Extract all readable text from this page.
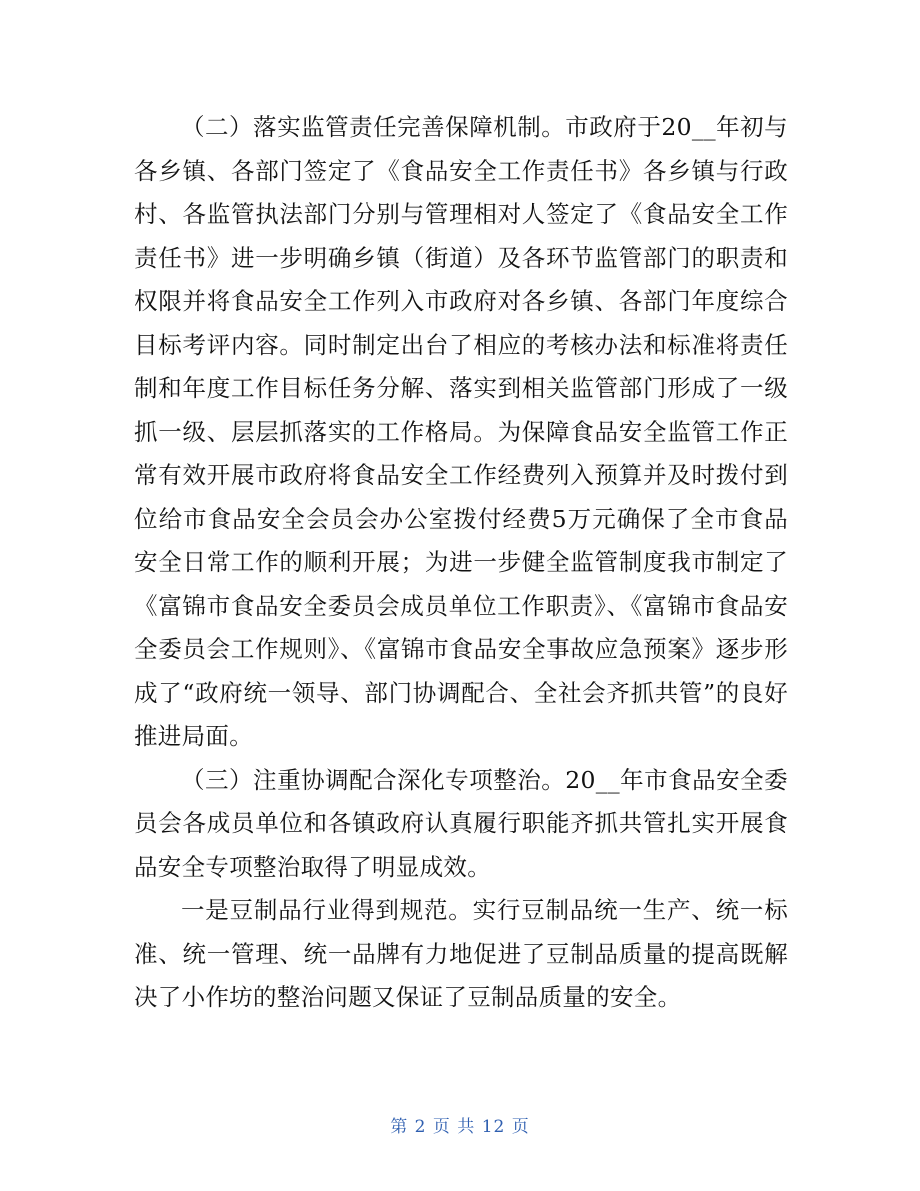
（二）落实监管责任完善保障机制。市政府于20__年初与各乡镇、各部门签定了《食品安全工作责任书》各乡镇与行政村、各监管执法部门分别与管理相对人签定了《食品安全工作责任书》进一步明确乡镇（街道）及各环节监管部门的职责和权限并将食品安全工作列入市政府对各乡镇、各部门年度综合目标考评内容。同时制定出台了相应的考核办法和标准将责任制和年度工作目标任务分解、落实到相关监管部门形成了一级抓一级、层层抓落实的工作格局。为保障食品安全监管工作正常有效开展市政府将食品安全工作经费列入预算并及时拨付到位给市食品安全会员会办公室拨付经费5万元确保了全市食品安全日常工作的顺利开展；为进一步健全监管制度我市制定了《富锦市食品安全委员会成员单位工作职责》、《富锦市食品安全委员会工作规则》、《富锦市食品安全事故应急预案》逐步形成了“政府统一领导、部门协调配合、全社会齐抓共管”的良好推进局面。

（三）注重协调配合深化专项整治。20__年市食品安全委员会各成员单位和各镇政府认真履行职能齐抓共管扎实开展食品安全专项整治取得了明显成效。

一是豆制品行业得到规范。实行豆制品统一生产、统一标准、统一管理、统一品牌有力地促进了豆制品质量的提高既解决了小作坊的整治问题又保证了豆制品质量的安全。

第 2 页 共 12 页
